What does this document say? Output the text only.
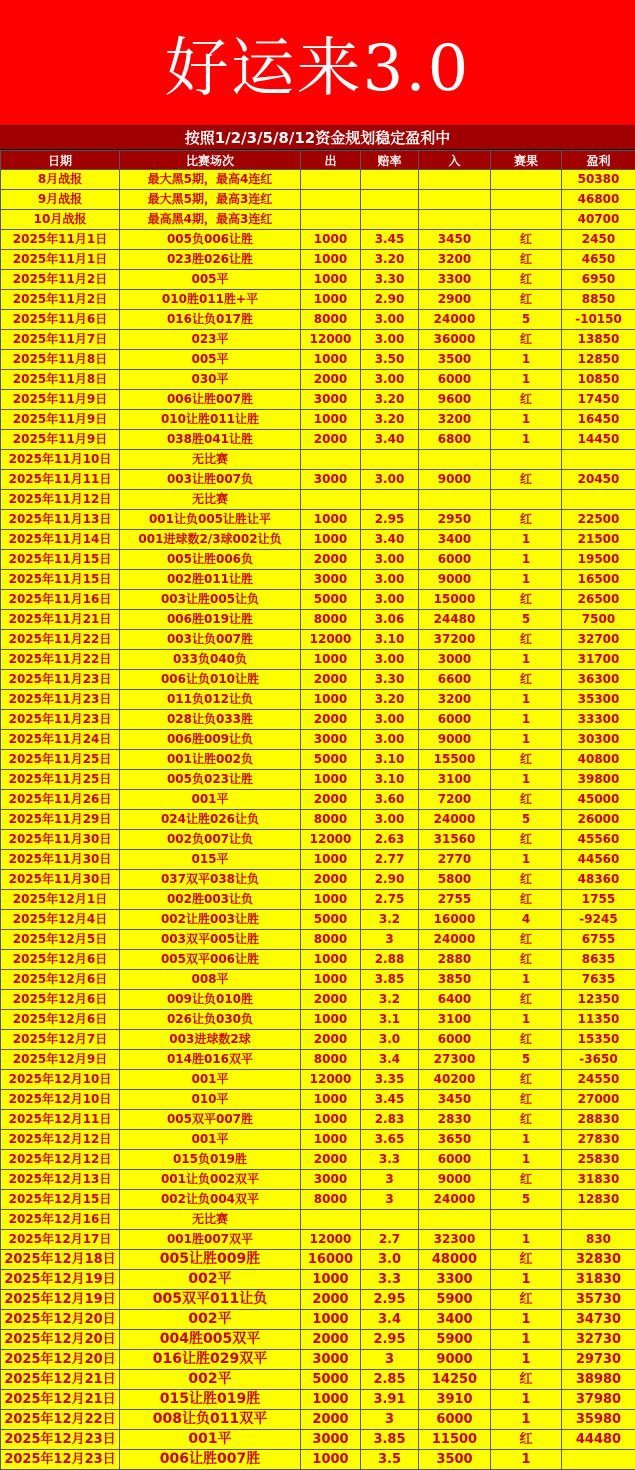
好运来3.0
按照1/2/3/5/8/12资金规划稳定盈利中
日期	比赛场次	出	赔率	入	赛果	盈利
8月战报	最大黑5期，最高4连红					50380
9月战报	最大黑5期，最高3连红					46800
10月战报	最高黑4期，最高3连红					40700
2025年11月1日	005负006让胜	1000	3.45	3450	红	2450
2025年11月1日	023胜026让胜	1000	3.20	3200	红	4650
2025年11月2日	005平	1000	3.30	3300	红	6950
2025年11月2日	010胜011胜+平	1000	2.90	2900	红	8850
2025年11月6日	016让负017胜	8000	3.00	24000	5	-10150
2025年11月7日	023平	12000	3.00	36000	红	13850
2025年11月8日	005平	1000	3.50	3500	1	12850
2025年11月8日	030平	2000	3.00	6000	1	10850
2025年11月9日	006让胜007胜	3000	3.20	9600	红	17450
2025年11月9日	010让胜011让胜	1000	3.20	3200	1	16450
2025年11月9日	038胜041让胜	2000	3.40	6800	1	14450
2025年11月10日	无比赛					
2025年11月11日	003让胜007负	3000	3.00	9000	红	20450
2025年11月12日	无比赛					
2025年11月13日	001让负005让胜让平	1000	2.95	2950	红	22500
2025年11月14日	001进球数2/3球002让负	1000	3.40	3400	1	21500
2025年11月15日	005让胜006负	2000	3.00	6000	1	19500
2025年11月15日	002胜011让胜	3000	3.00	9000	1	16500
2025年11月16日	003让胜005让负	5000	3.00	15000	红	26500
2025年11月21日	006胜019让胜	8000	3.06	24480	5	7500
2025年11月22日	003让负007胜	12000	3.10	37200	红	32700
2025年11月22日	033负040负	1000	3.00	3000	1	31700
2025年11月23日	006让负010让胜	2000	3.30	6600	红	36300
2025年11月23日	011负012让负	1000	3.20	3200	1	35300
2025年11月23日	028让负033胜	2000	3.00	6000	1	33300
2025年11月24日	006胜009让负	3000	3.00	9000	1	30300
2025年11月25日	001让胜002负	5000	3.10	15500	红	40800
2025年11月25日	005负023让胜	1000	3.10	3100	1	39800
2025年11月26日	001平	2000	3.60	7200	红	45000
2025年11月29日	024让胜026让负	8000	3.00	24000	5	26000
2025年11月30日	002负007让负	12000	2.63	31560	红	45560
2025年11月30日	015平	1000	2.77	2770	1	44560
2025年11月30日	037双平038让负	2000	2.90	5800	红	48360
2025年12月1日	002胜003让负	1000	2.75	2755	红	1755
2025年12月4日	002让胜003让胜	5000	3.2	16000	4	-9245
2025年12月5日	003双平005让胜	8000	3	24000	红	6755
2025年12月6日	005双平006让胜	1000	2.88	2880	红	8635
2025年12月6日	008平	1000	3.85	3850	1	7635
2025年12月6日	009让负010胜	2000	3.2	6400	红	12350
2025年12月6日	026让负030负	1000	3.1	3100	1	11350
2025年12月7日	003进球数2球	2000	3.0	6000	红	15350
2025年12月9日	014胜016双平	8000	3.4	27300	5	-3650
2025年12月10日	001平	12000	3.35	40200	红	24550
2025年12月10日	010平	1000	3.45	3450	红	27000
2025年12月11日	005双平007胜	1000	2.83	2830	红	28830
2025年12月12日	001平	1000	3.65	3650	1	27830
2025年12月12日	015负019胜	2000	3.3	6000	1	25830
2025年12月13日	001让负002双平	3000	3	9000	红	31830
2025年12月15日	002让负004双平	8000	3	24000	5	12830
2025年12月16日	无比赛					
2025年12月17日	001胜007双平	12000	2.7	32300	1	830
2025年12月18日	005让胜009胜	16000	3.0	48000	红	32830
2025年12月19日	002平	1000	3.3	3300	1	31830
2025年12月19日	005双平011让负	2000	2.95	5900	红	35730
2025年12月20日	002平	1000	3.4	3400	1	34730
2025年12月20日	004胜005双平	2000	2.95	5900	1	32730
2025年12月20日	016让胜029双平	3000	3	9000	1	29730
2025年12月21日	002平	5000	2.85	14250	红	38980
2025年12月21日	015让胜019胜	1000	3.91	3910	1	37980
2025年12月22日	008让负011双平	2000	3	6000	1	35980
2025年12月23日	001平	3000	3.85	11500	红	44480
2025年12月23日	006让胜007胜	1000	3.5	3500	1	
